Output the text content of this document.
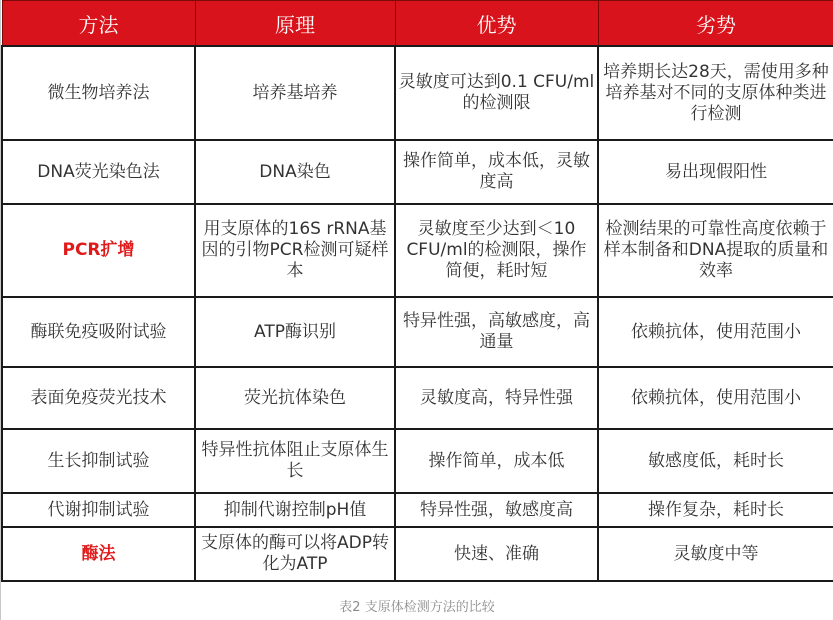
方法	原理	优势	劣势
微生物培养法	培养基培养	灵敏度可达到0.1 CFU/ml的检测限	培养期长达28天，需使用多种培养基对不同的支原体种类进行检测
DNA荧光染色法	DNA染色	操作简单，成本低，灵敏度高	易出现假阳性
PCR扩增	用支原体的16S rRNA基因的引物PCR检测可疑样本	灵敏度至少达到＜10 CFU/ml的检测限，操作简便，耗时短	检测结果的可靠性高度依赖于样本制备和DNA提取的质量和效率
酶联免疫吸附试验	ATP酶识别	特异性强，高敏感度，高 通量	依赖抗体，使用范围小
表面免疫荧光技术	荧光抗体染色	灵敏度高，特异性强	依赖抗体，使用范围小
生长抑制试验	特异性抗体阻止支原体生长	操作简单，成本低	敏感度低，耗时长
代谢抑制试验	抑制代谢控制pH值	特异性强，敏感度高	操作复杂，耗时长
酶法	支原体的酶可以将ADP转化为ATP	快速、准确	灵敏度中等
表2 支原体检测方法的比较
